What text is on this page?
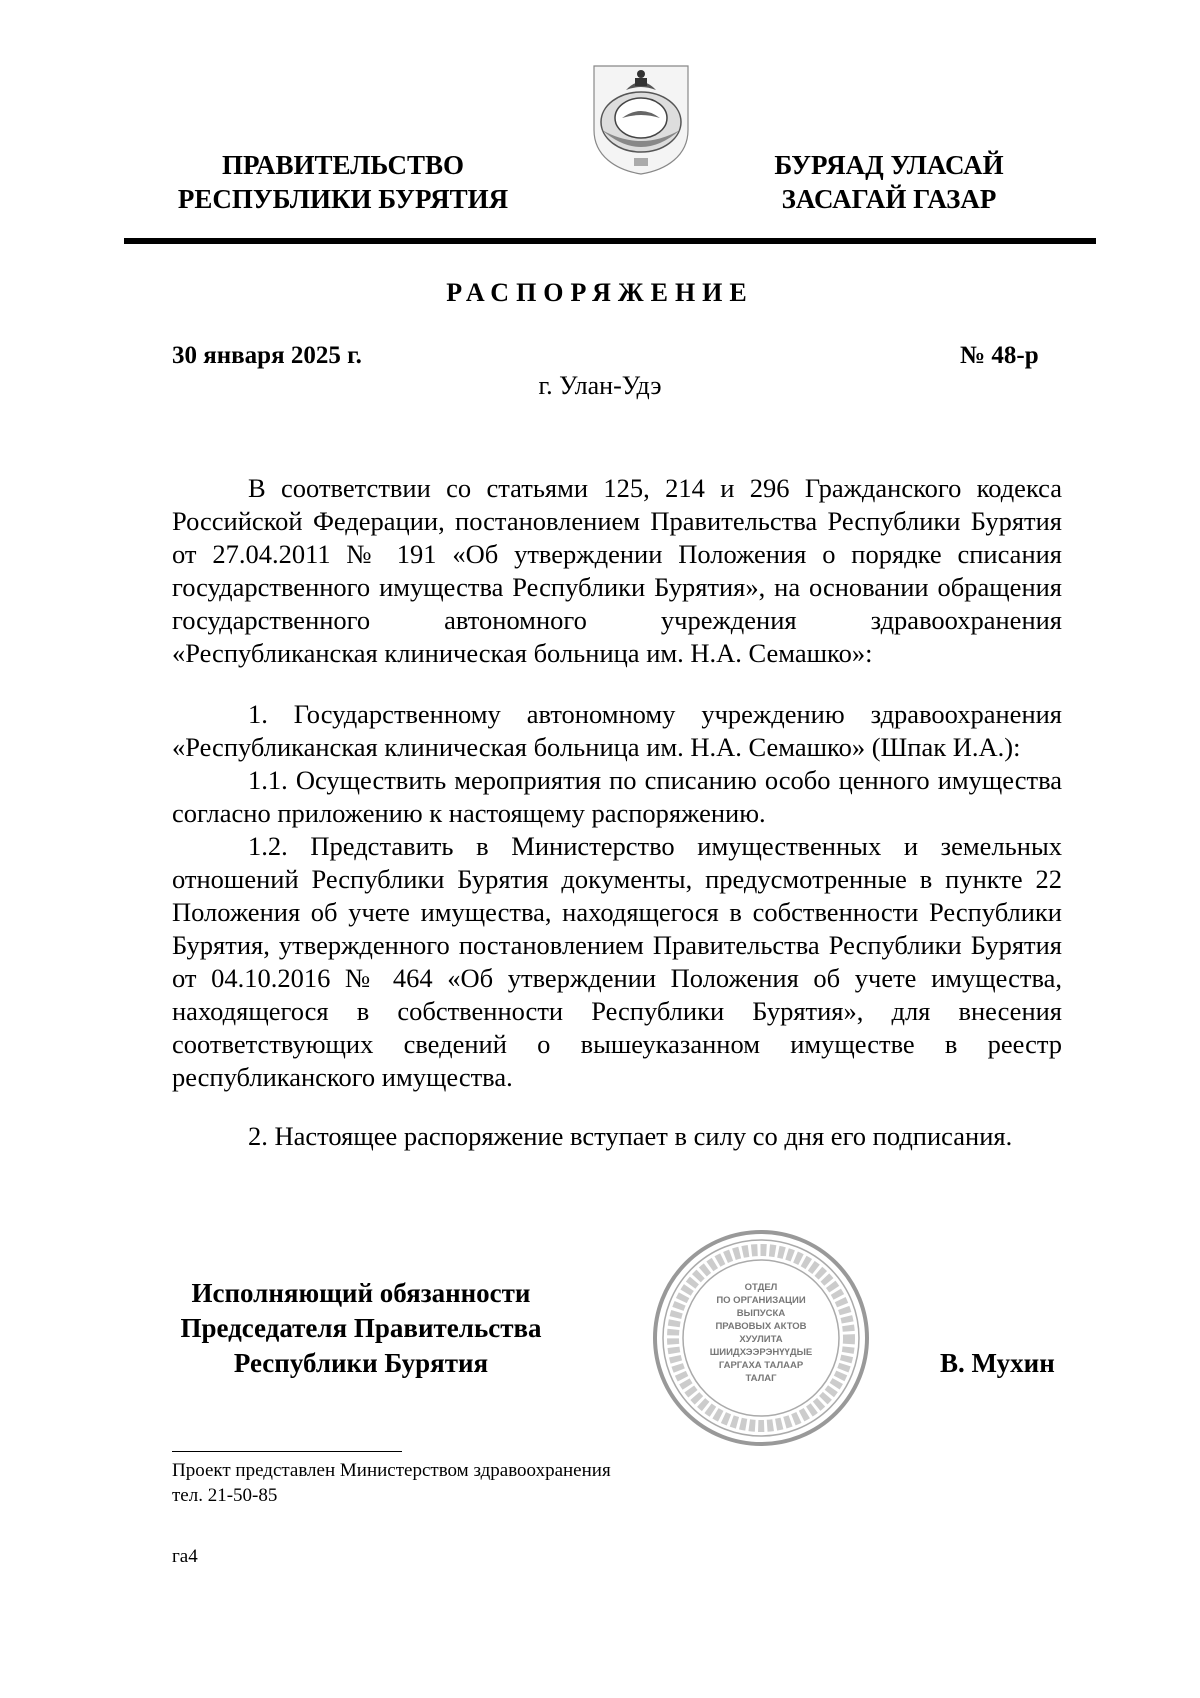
ПРАВИТЕЛЬСТВО
РЕСПУБЛИКИ БУРЯТИЯ
БУРЯАД УЛАСАЙ
ЗАСАГАЙ ГАЗАР
РАСПОРЯЖЕНИЕ
30 января 2025 г.	№ 48-р
г. Улан-Удэ

В соответствии со статьями 125, 214 и 296 Гражданского кодекса Российской Федерации, постановлением Правительства Республики Бурятия от 27.04.2011 № 191 «Об утверждении Положения о порядке списания государственного имущества Республики Бурятия», на основании обращения государственного автономного учреждения здравоохранения «Республиканская клиническая больница им. Н.А. Семашко»:

1. Государственному автономному учреждению здравоохранения «Республиканская клиническая больница им. Н.А. Семашко» (Шпак И.А.):

1.1. Осуществить мероприятия по списанию особо ценного имущества согласно приложению к настоящему распоряжению.

1.2. Представить в Министерство имущественных и земельных отношений Республики Бурятия документы, предусмотренные в пункте 22 Положения об учете имущества, находящегося в собственности Республики Бурятия, утвержденного постановлением Правительства Республики Бурятия от 04.10.2016 № 464 «Об утверждении Положения об учете имущества, находящегося в собственности Республики Бурятия», для внесения соответствующих сведений о вышеуказанном имуществе в реестр республиканского имущества.

2. Настоящее распоряжение вступает в силу со дня его подписания.

Исполняющий обязанности
Председателя Правительства
Республики Бурятия
ОТДЕЛ
ПО ОРГАНИЗАЦИИ
ВЫПУСКА
ПРАВОВЫХ АКТОВ
ХУУЛИТА
ШИИДХЭЭРЭНҮҮДЫЕ
ГАРГАХА ТАЛААР
ТАЛАГ
В. Мухин
Проект представлен Министерством здравоохранения
тел. 21-50-85
га4
